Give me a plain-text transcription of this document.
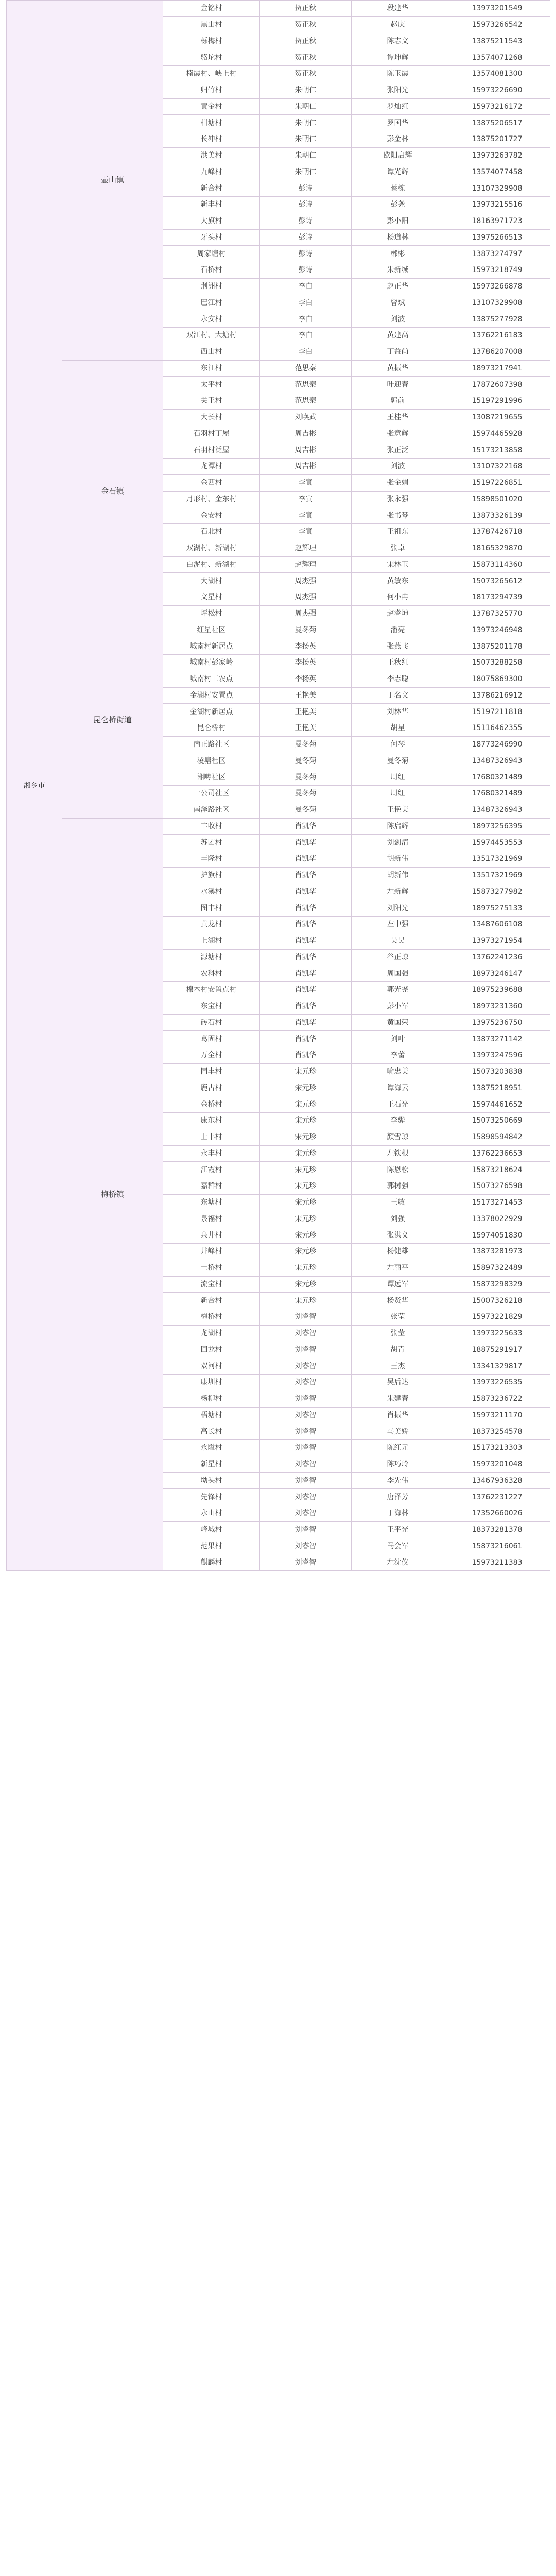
湘乡市	壶山镇	金铭村	贺正秋	段建华	13973201549
		黑山村	贺正秋	赵庆	15973266542
		栎梅村	贺正秋	陈志文	13875211543
		骆坨村	贺正秋	谭坤辉	13574071268
		楠霞村、峡上村	贺正秋	陈玉霞	13574081300
		归竹村	朱朝仁	张阳光	15973226690
		黄金村	朱朝仁	罗灿红	15973216172
		柑塘村	朱朝仁	罗国华	13875206517
		长冲村	朱朝仁	彭金林	13875201727
		洪美村	朱朝仁	欧阳启辉	13973263782
		九峰村	朱朝仁	谭光辉	13574077458
		新合村	彭诗	蔡栋	13107329908
		新丰村	彭诗	彭尧	13973215516
		大旗村	彭诗	彭小阳	18163971723
		牙头村	彭诗	杨道林	13975266513
		周家塘村	彭诗	郴彬	13873274797
		石桥村	彭诗	朱新城	15973218749
		荆洲村	李白	赵正华	15973266878
		巴江村	李白	曾斌	13107329908
		永安村	李白	刘波	13875277928
		双江村、大塘村	李白	黄建高	13762216183
		西山村	李白	丁益尚	13786207008
	金石镇	东江村	范思秦	黄振华	18973217941
		太平村	范思秦	叶迎春	17872607398
		关王村	范思秦	郭前	15197291996
		大长村	刘唤武	王桂华	13087219655
		石羽村丁屋	周吉彬	张意辉	15974465928
		石羽村泛屋	周吉彬	张正泛	15173213858
		龙潭村	周吉彬	刘波	13107322168
		金西村	李寅	张金娟	15197226851
		月形村、金东村	李寅	张永强	15898501020
		金安村	李寅	张书琴	13873326139
		石北村	李寅	王祖东	13787426718
		双湖村、新湖村	赵辉理	张卓	18165329870
		白泥村、新湖村	赵辉理	宋林玉	15873114360
		大湖村	周杰强	黄敏东	15073265612
		文星村	周杰强	何小冉	18173294739
		坪松村	周杰强	赵睿坤	13787325770
	昆仑桥街道	红星社区	曼冬菊	潘亮	13973246948
		城南村新居点	李扬英	张燕飞	13875201178
		城南村彭家岭	李扬英	王秋红	15073288258
		城南村工农点	李扬英	李志聪	18075869300
		金湖村安置点	王艳美	丁名文	13786216912
		金湖村新居点	王艳美	刘林华	15197211818
		昆仑桥村	王艳美	胡星	15116462355
		南正路社区	曼冬菊	何琴	18773246990
		凌塘社区	曼冬菊	曼冬菊	13487326943
		湘畴社区	曼冬菊	周红	17680321489
		一公司社区	曼冬菊	周红	17680321489
		南泽路社区	曼冬菊	王艳美	13487326943
	梅桥镇	丰收村	肖凯华	陈启辉	18973256395
		苏团村	肖凯华	刘剑清	15974453553
		丰隆村	肖凯华	胡新伟	13517321969
		护旗村	肖凯华	胡新伟	13517321969
		水溪村	肖凯华	左新辉	15873277982
		图丰村	肖凯华	刘阳光	18975275133
		黄龙村	肖凯华	左中强	13487606108
		上湖村	肖凯华	吴昊	13973271954
		源塘村	肖凯华	谷正琼	13762241236
		农科村	肖凯华	周国强	18973246147
		棉木村安置点村	肖凯华	郭光尧	18975239688
		东宝村	肖凯华	彭小军	18973231360
		砖石村	肖凯华	黄国荣	13975236750
		葛固村	肖凯华	刘叶	13873271142
		万全村	肖凯华	李蕾	13973247596
		同丰村	宋元珍	喻忠美	15073203838
		鹿古村	宋元珍	谭海云	13875218951
		金桥村	宋元珍	王石光	15974461652
		康东村	宋元珍	李骅	15073250669
		上丰村	宋元珍	颜雪琼	15898594842
		永丰村	宋元珍	左铁根	13762236653
		江霞村	宋元珍	陈恩松	15873218624
		嘉群村	宋元珍	郭树强	15073276598
		东塘村	宋元珍	王敏	15173271453
		泉福村	宋元珍	刘强	13378022929
		泉井村	宋元珍	张洪义	15974051830
		井峰村	宋元珍	杨健雄	13873281973
		士桥村	宋元珍	左丽平	15897322489
		流宝村	宋元珍	谭远军	15873298329
		新合村	宋元珍	杨贤华	15007326218
		梅桥村	刘睿智	张莹	15973221829
		龙湖村	刘睿智	张莹	13973225633
		回龙村	刘睿智	胡青	18875291917
		双河村	刘睿智	王杰	13341329817
		康圳村	刘睿智	吴后达	13973226535
		杨柳村	刘睿智	朱建春	15873236722
		梧塘村	刘睿智	肖振华	15973211170
		高长村	刘睿智	马美娇	18373254578
		永隘村	刘睿智	陈红元	15173213303
		新星村	刘睿智	陈巧玲	15973201048
		坳头村	刘睿智	李先伟	13467936328
		先锋村	刘睿智	唐泽芳	13762231227
		永山村	刘睿智	丁海林	17352660026
		峰城村	刘睿智	王平光	18373281378
		范果村	刘睿智	马会军	15873216061
		麒麟村	刘睿智	左沈仪	15973211383
